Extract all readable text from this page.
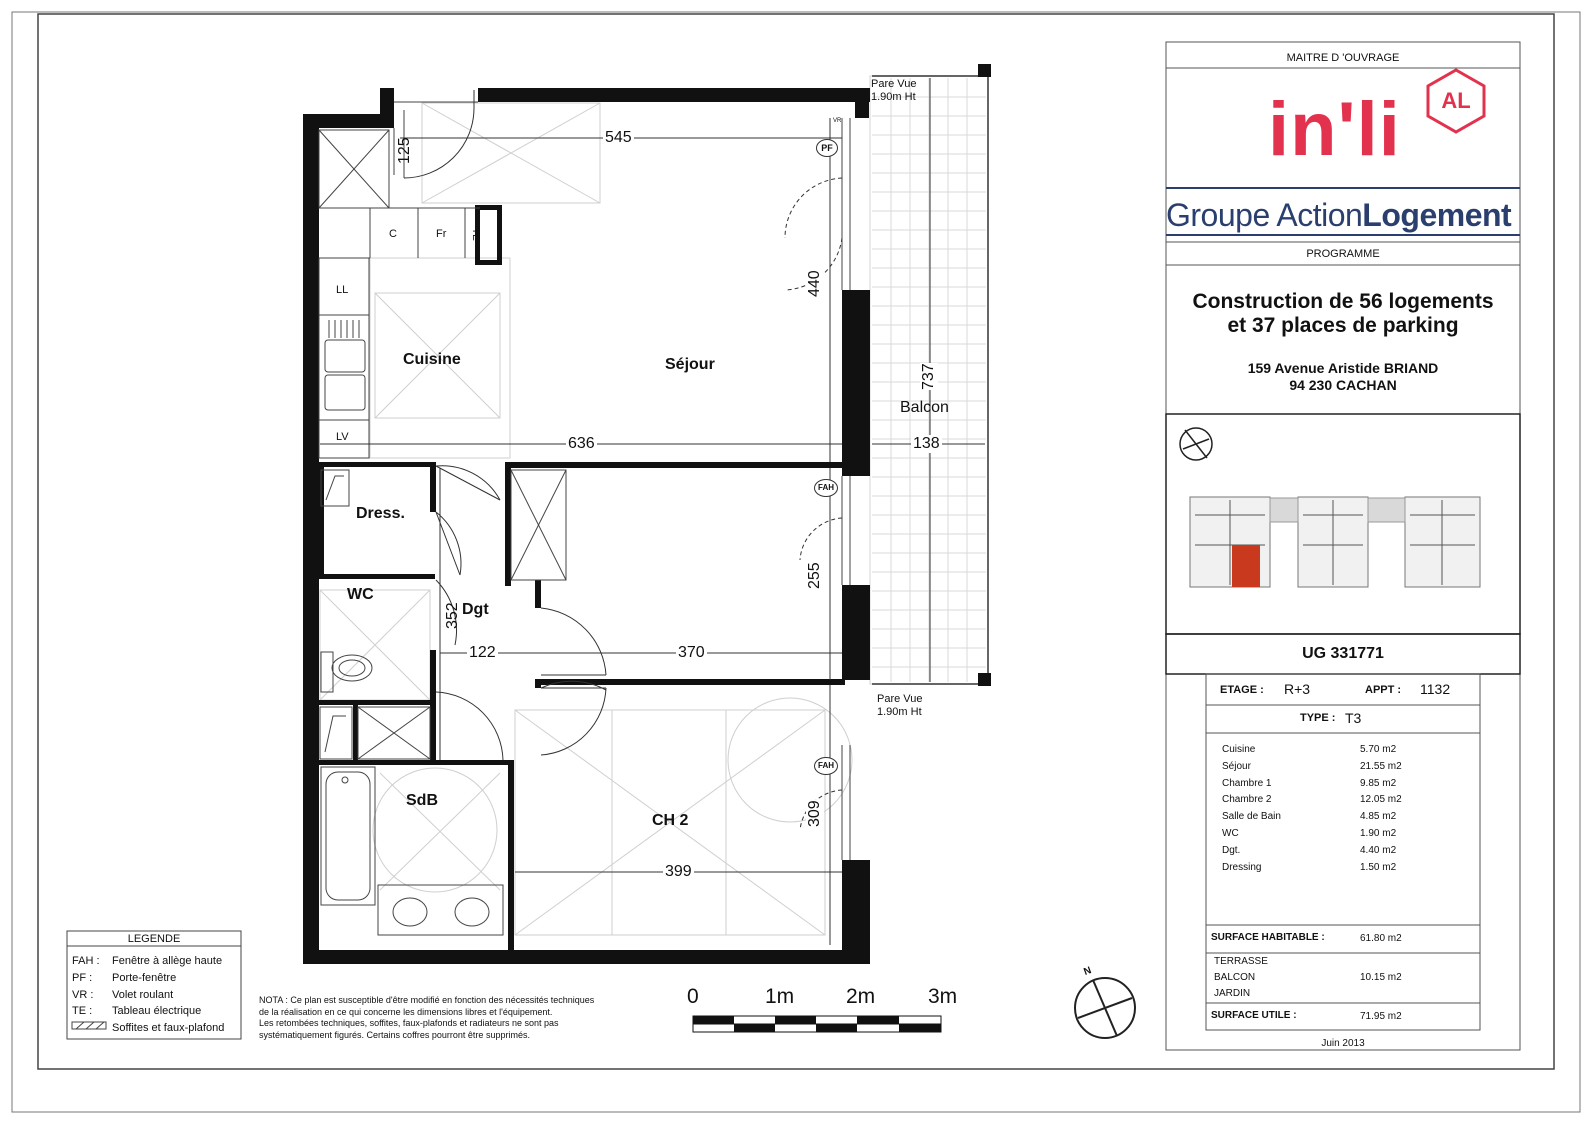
MAITRE D 'OUVRAGE
in'li AL
Groupe ActionLogement
PROGRAMME
Construction de 56 logements
et 37 places de parking
159 Avenue Aristide BRIAND
94 230 CACHAN
UG 331771
ETAGE : R+3	APPT : 1132
TYPE : T3
Cuisine	5.70 m2
Séjour	21.55 m2
Chambre 1	9.85 m2
Chambre 2	12.05 m2
Salle de Bain	4.85 m2
WC	1.90 m2
Dgt.	4.40 m2
Dressing	1.50 m2
SURFACE HABITABLE :	61.80 m2
TERRASSE
BALCON	10.15 m2
JARDIN
SURFACE UTILE :	71.95 m2
Juin 2013
Cuisine	Séjour
Balcon
Dress.
WC
Dgt
SdB
CH 2
C	Fr TE
LL
LV
PF
FAH
FAH
VR
Pare Vue
1.90m Ht
Pare Vue
1.90m Ht
545
125
440
737
636	138
255
352
122	370
309
399
LEGENDE
FAH : Fenêtre à allège haute
PF : Porte-fenêtre
VR : Volet roulant
TE : Tableau électrique
Soffites et faux-plafond
NOTA : Ce plan est susceptible d'être modifié en fonction des nécessités techniques
de la réalisation en ce qui concerne les dimensions libres et l'équipement.
Les retombées techniques, soffites, faux-plafonds et radiateurs ne sont pas
systématiquement figurés. Certains coffres pourront être supprimés.
0	1m 2m	3m
N
